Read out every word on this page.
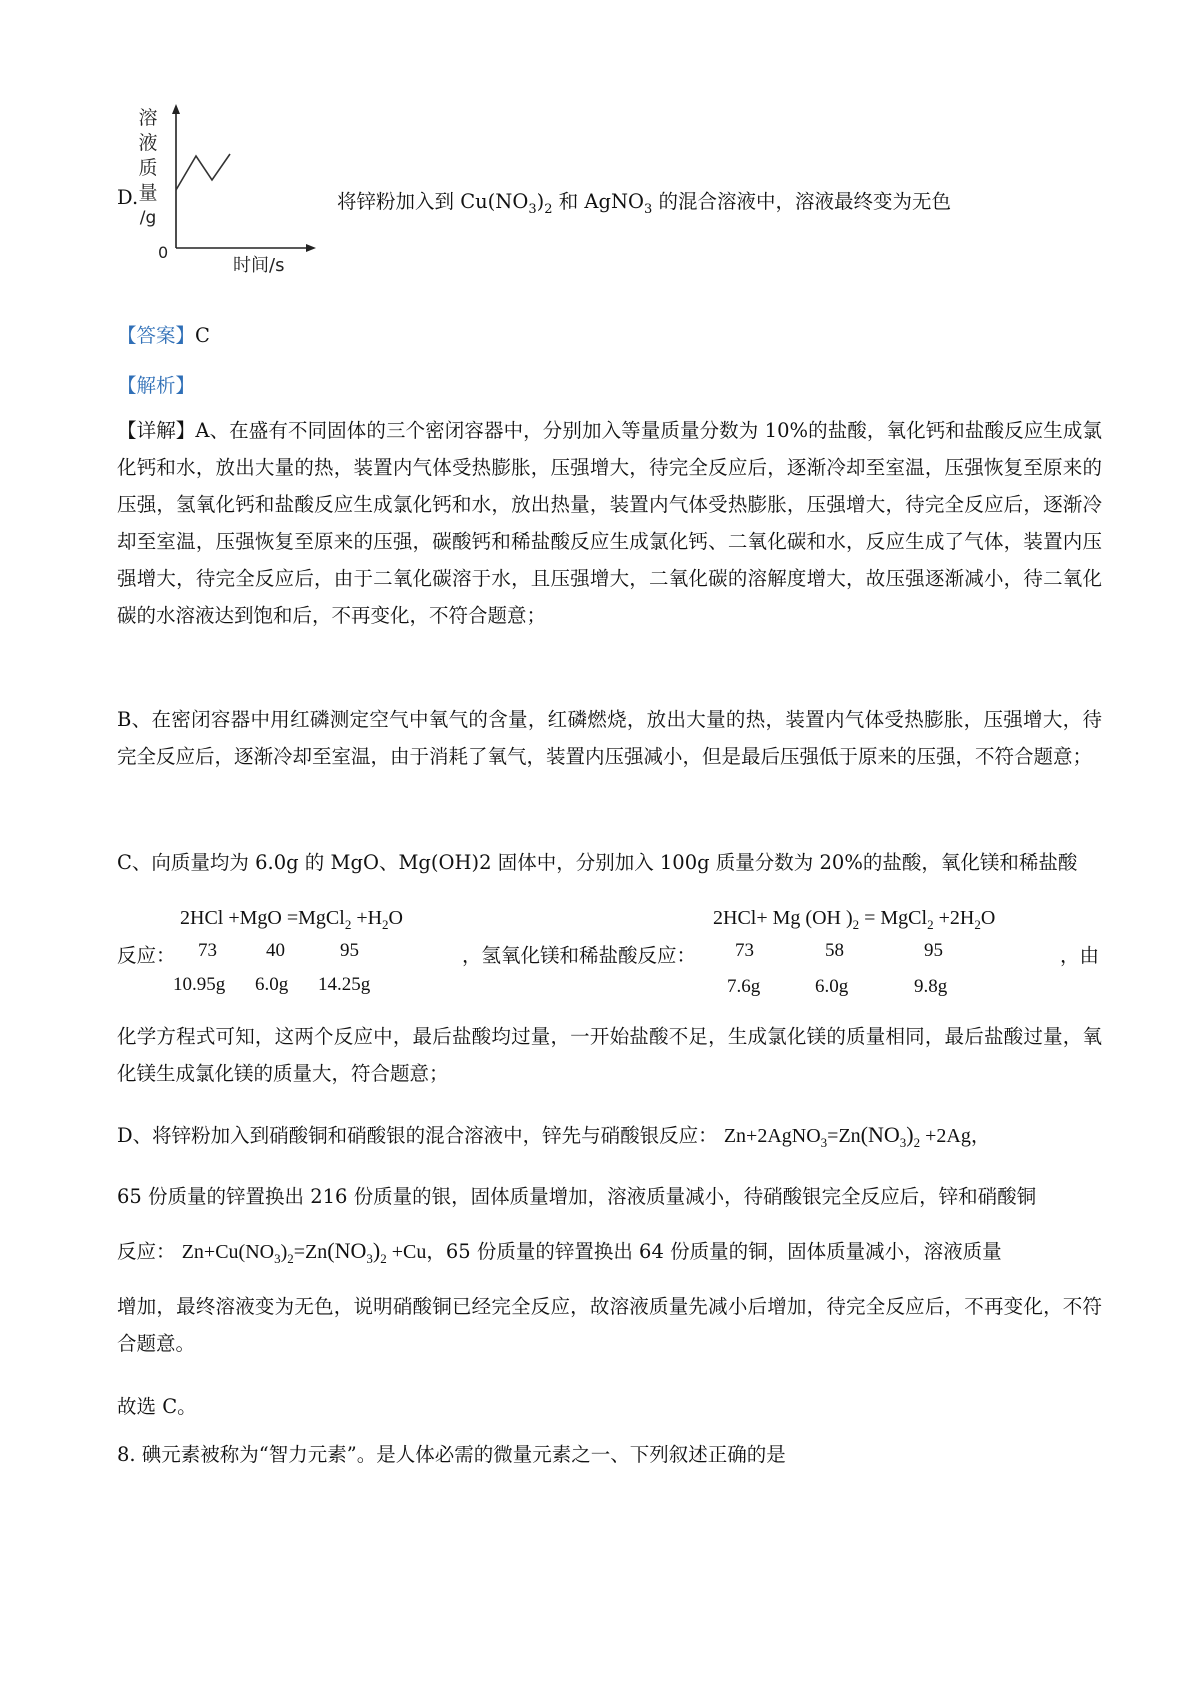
D.
溶
液
质
量
/g
0
时间/s
将锌粉加入到 $Cu(NO_3)_2$ 和 AgNO$_3$ 的混合溶液中，溶液最终变为无色
【答案】C
【解析】
【详解】A、在盛有不同固体的三个密闭容器中，分别加入等量质量分数为 10%的盐酸，氧化钙和盐酸反应生成氯化钙和水，放出大量的热，装置内气体受热膨胀，压强增大，待完全反应后，逐渐冷却至室温，压强恢复至原来的压强，氢氧化钙和盐酸反应生成氯化钙和水，放出热量，装置内气体受热膨胀，压强增大，待完全反应后，逐渐冷却至室温，压强恢复至原来的压强，碳酸钙和稀盐酸反应生成氯化钙、二氧化碳和水，反应生成了气体，装置内压强增大，待完全反应后，由于二氧化碳溶于水，且压强增大，二氧化碳的溶解度增大，故压强逐渐减小，待二氧化碳的水溶液达到饱和后，不再变化，不符合题意；
B、在密闭容器中用红磷测定空气中氧气的含量，红磷燃烧，放出大量的热，装置内气体受热膨胀，压强增大，待完全反应后，逐渐冷却至室温，由于消耗了氧气，装置内压强减小，但是最后压强低于原来的压强，不符合题意；
C、向质量均为 6.0g 的 MgO、Mg(OH)2 固体中，分别加入 100g 质量分数为 20%的盐酸，氧化镁和稀盐酸
2HCl +MgO =MgCl$_2$ $+H_2O$
反应： 73	40	95
10.95g 6.0g 14.25g
，氢氧化镁和稀盐酸反应：
2HCl+ Mg (OH )$_2$ = MgCl$_2$ $+2H_2O$
73	58	95
7.6g	6.0g	9.8g
，由
化学方程式可知，这两个反应中，最后盐酸均过量，一开始盐酸不足，生成氯化镁的质量相同，最后盐酸过量，氧化镁生成氯化镁的质量大，符合题意；
D、将锌粉加入到硝酸铜和硝酸银的混合溶液中，锌先与硝酸银反应： $Zn+2AgNO_3=Zn(NO_3)_2 +2Ag$，
65 份质量的锌置换出 216 份质量的银，固体质量增加，溶液质量减小，待硝酸银完全反应后，锌和硝酸铜
反应： $Zn+Cu(NO_3)_2=Zn(NO_3)_2 +Cu$，65 份质量的锌置换出 64 份质量的铜，固体质量减小，溶液质量
增加，最终溶液变为无色，说明硝酸铜已经完全反应，故溶液质量先减小后增加，待完全反应后，不再变化，不符合题意。
故选 C。
8. 碘元素被称为“智力元素”。是人体必需的微量元素之一、下列叙述正确的是
